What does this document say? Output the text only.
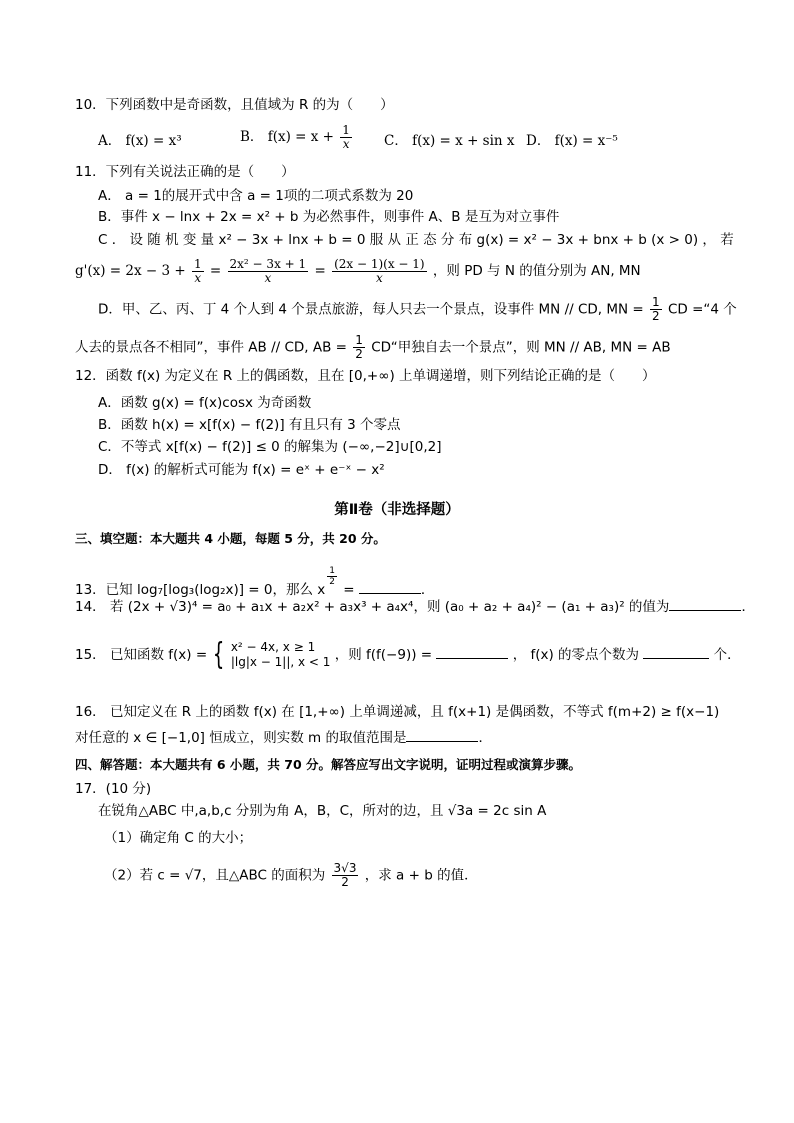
10．下列函数中是奇函数，且值域为 R 的为（　　）
A． f(x) = x³	B． $f(x) = x + \frac{1}{x}$ C． f(x) = x + sin x D． f(x) = x⁻⁵
11．下列有关说法正确的是（　　）
A． a = 1的展开式中含 a = 1项的二项式系数为 20
B．事件 x − lnx + 2x = x² + b 为必然事件，则事件 A、B 是互为对立事件
C ． 设 随 机 变 量 x² − 3x + lnx + b = 0 服 从 正 态 分 布 g(x) = x² − 3x + bnx + b (x > 0) ， 若
$g'(x) = 2x - 3 + \frac{1}{x} = \frac{\text{2x² − 3x + 1}}{x} = \frac{(2x - 1)(x - 1)}{x}$ ，则 PD 与 N 的值分别为 AN, MN
D．甲、乙、丙、丁 4 个人到 4 个景点旅游，每人只去一个景点，设事件 MN // CD, MN = $\frac{1}{2}$ CD =“4 个
人去的景点各不相同”，事件 AB // CD, AB = $\frac{1}{2}$ CD“甲独自去一个景点”，则 MN // AB, MN = AB
12．函数 f(x) 为定义在 R 上的偶函数，且在 [0,+∞) 上单调递增，则下列结论正确的是（　　）
A．函数 g(x) = f(x)cosx 为奇函数
B．函数 h(x) = x[f(x) − f(2)] 有且只有 3 个零点
C．不等式 x[f(x) − f(2)] ≤ 0 的解集为 (−∞,−2]∪[0,2]
D． f(x) 的解析式可能为 f(x) = eˣ + e⁻ˣ − x²
第Ⅱ卷（非选择题）
三、填空题：本大题共 4 小题，每题 5 分，共 20 分。
13．已知 log₇[log₃(log₂x)] = 0，那么 x
$\frac{1}{2}$
=	．
14． 若 (2x + √3)⁴ = a₀ + a₁x + a₂x² + a₃x³ + a₄x⁴，则 (a₀ + a₂ + a₄)² − (a₁ + a₃)² 的值为	．
15． 已知函数 f(x) = { x² − 4x, x ≥ 1
|lg|x − 1||, x < 1 ，则 f(f(−9)) =	， f(x) 的零点个数为	个．
16． 已知定义在 R 上的函数 f(x) 在 [1,+∞) 上单调递减，且 f(x+1) 是偶函数，不等式 f(m+2) ≥ f(x−1)
对任意的 x ∈ [−1,0] 恒成立，则实数 m 的取值范围是	．
四、解答题：本大题共有 6 小题，共 70 分。解答应写出文字说明，证明过程或演算步骤。
17．(10 分)
在锐角△ABC 中,a,b,c 分别为角 A，B，C，所对的边，且 √3a = 2c sin A
（1）确定角 C 的大小；
（2）若 c = √7，且△ABC 的面积为 $\frac{3√3}{2}$ ，求 a + b 的值．
